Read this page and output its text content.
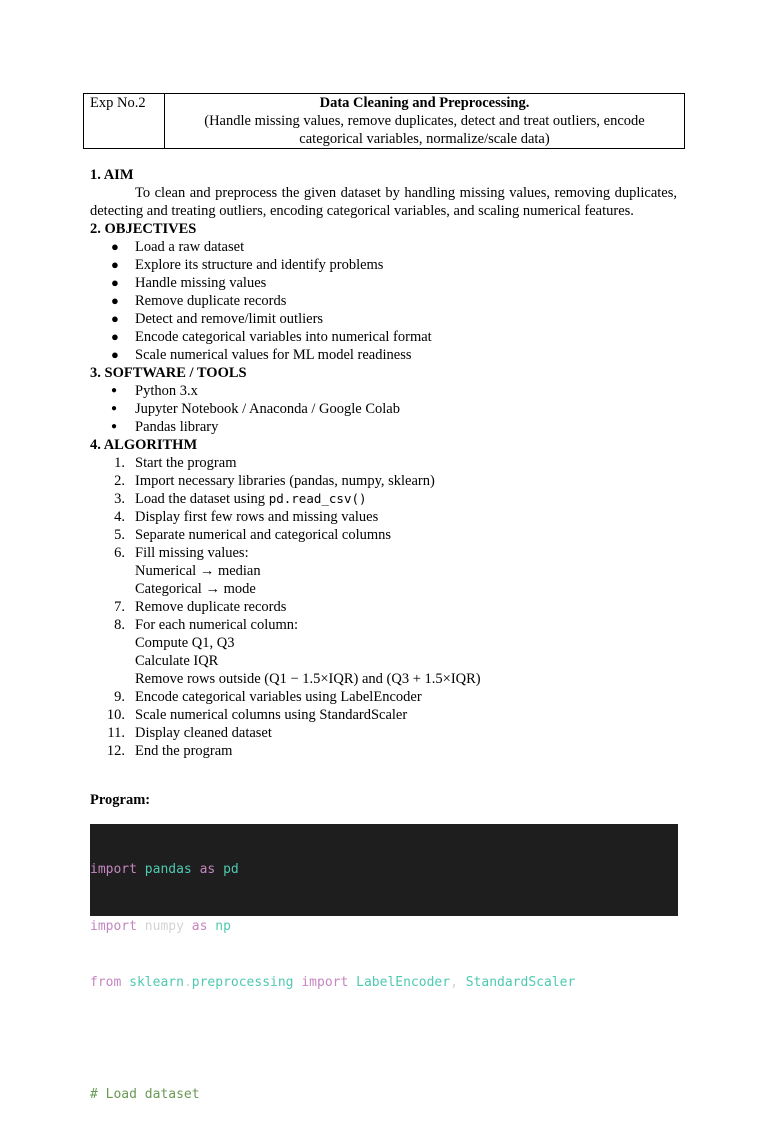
Exp No.2	Data Cleaning and Preprocessing.
(Handle missing values, remove duplicates, detect and treat outliers, encode categorical variables, normalize/scale data)
1. AIM
To clean and preprocess the given dataset by handling missing values, removing duplicates, detecting and treating outliers, encoding categorical variables, and scaling numerical features.
2. OBJECTIVES
● Load a raw dataset
● Explore its structure and identify problems
● Handle missing values
● Remove duplicate records
● Detect and remove/limit outliers
● Encode categorical variables into numerical format
● Scale numerical values for ML model readiness
3. SOFTWARE / TOOLS
● Python 3.x
● Jupyter Notebook / Anaconda / Google Colab
● Pandas library
4. ALGORITHM
1. Start the program
2. Import necessary libraries (pandas, numpy, sklearn)
3. Load the dataset using pd.read_csv()
4. Display first few rows and missing values
5. Separate numerical and categorical columns
6. Fill missing values:
Numerical → median
Categorical → mode
7. Remove duplicate records
8. For each numerical column:
Compute Q1, Q3
Calculate IQR
Remove rows outside (Q1 − 1.5×IQR) and (Q3 + 1.5×IQR)
9. Encode categorical variables using LabelEncoder
10. Scale numerical columns using StandardScaler
11. Display cleaned dataset
12. End the program
Program:

import pandas as pd

import numpy as np

from sklearn.preprocessing import LabelEncoder, StandardScaler

# Load dataset
